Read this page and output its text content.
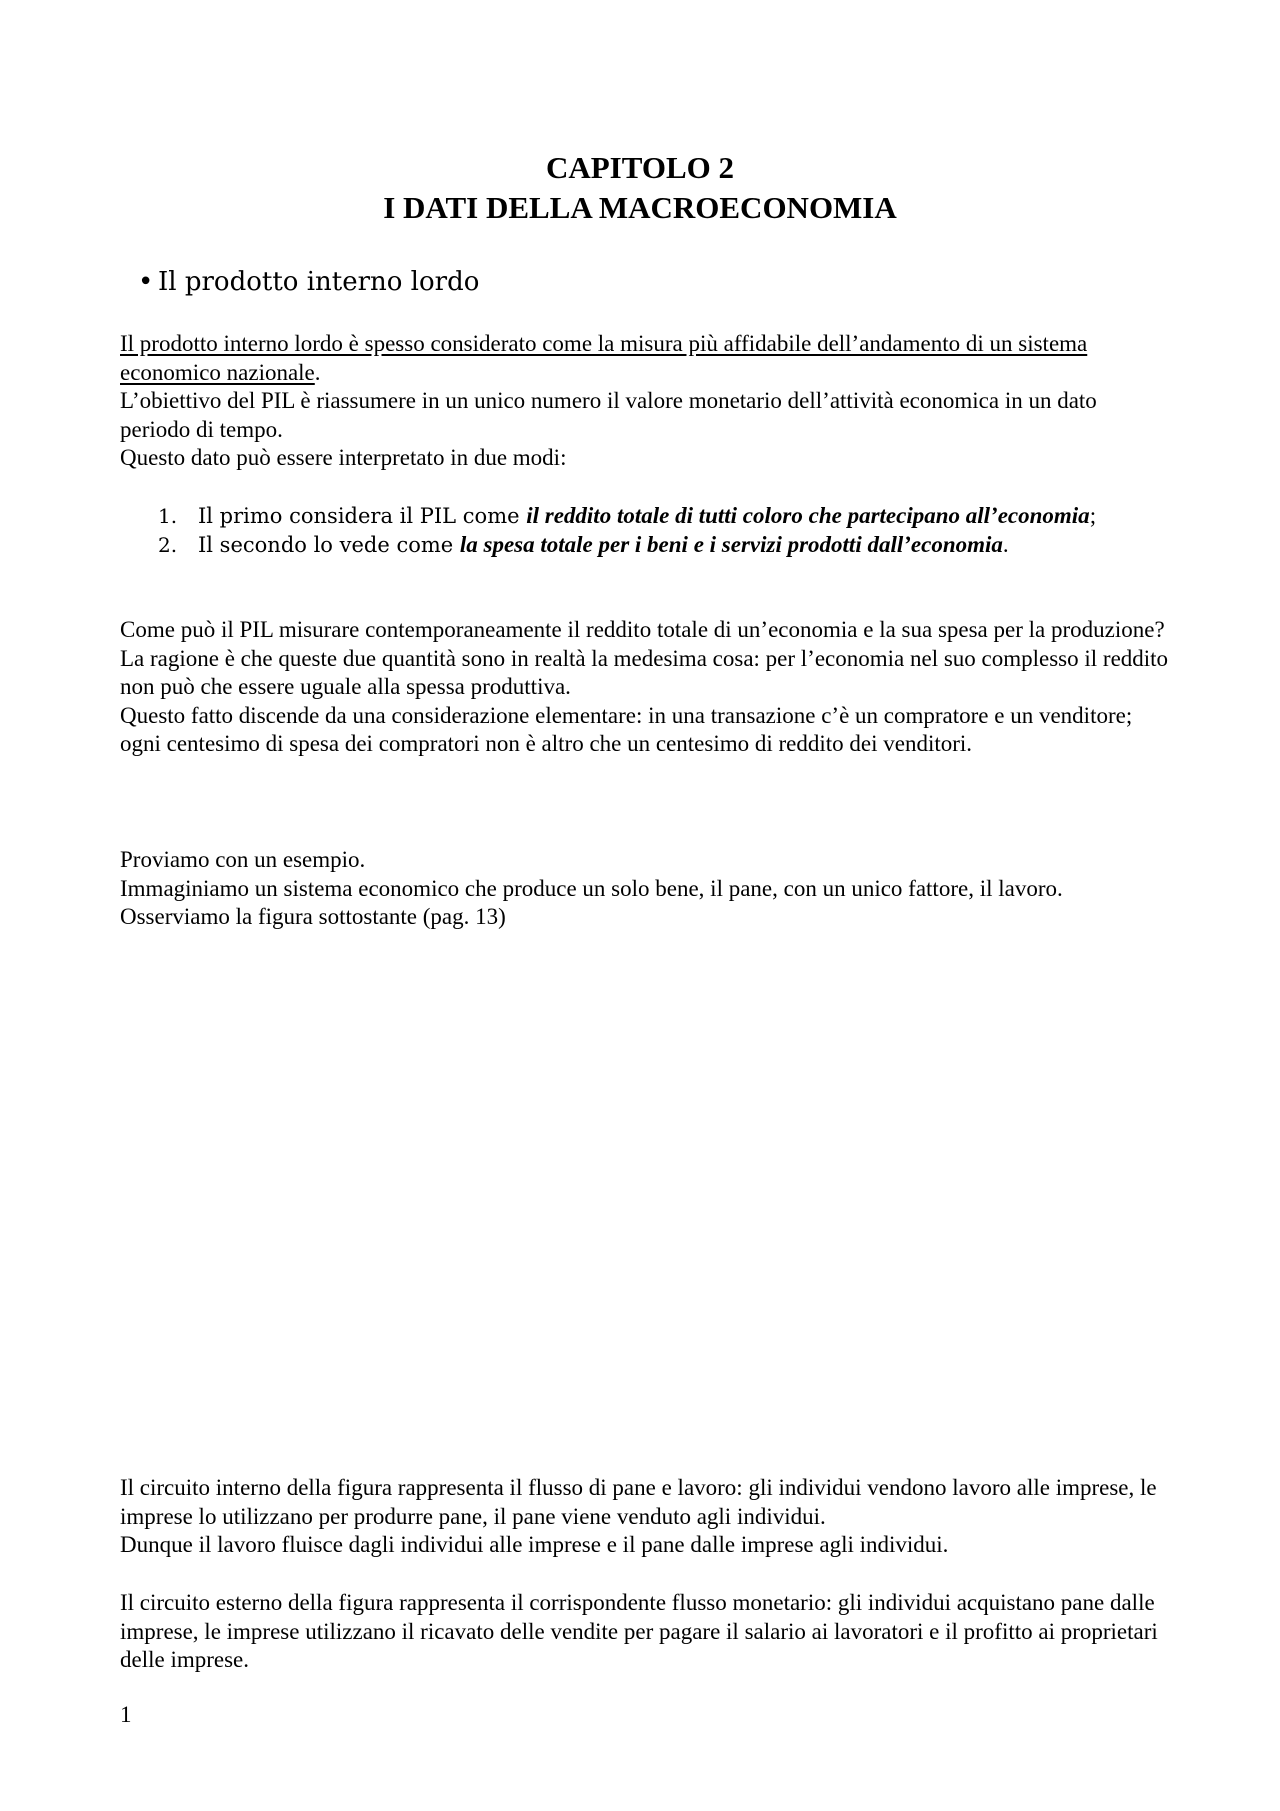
CAPITOLO 2
I DATI DELLA MACROECONOMIA
• Il prodotto interno lordo
Il prodotto interno lordo è spesso considerato come la misura più affidabile dell’andamento di un sistema economico nazionale.
L’obiettivo del PIL è riassumere in un unico numero il valore monetario dell’attività economica in un dato periodo di tempo.
Questo dato può essere interpretato in due modi:
1. Il primo considera il PIL come il reddito totale di tutti coloro che partecipano all’economia;
2. Il secondo lo vede come la spesa totale per i beni e i servizi prodotti dall’economia.
Come può il PIL misurare contemporaneamente il reddito totale di un’economia e la sua spesa per la produzione?
La ragione è che queste due quantità sono in realtà la medesima cosa: per l’economia nel suo complesso il reddito non può che essere uguale alla spessa produttiva.
Questo fatto discende da una considerazione elementare: in una transazione c’è un compratore e un venditore; ogni centesimo di spesa dei compratori non è altro che un centesimo di reddito dei venditori.
Proviamo con un esempio.
Immaginiamo un sistema economico che produce un solo bene, il pane, con un unico fattore, il lavoro. Osserviamo la figura sottostante (pag. 13)
Il circuito interno della figura rappresenta il flusso di pane e lavoro: gli individui vendono lavoro alle imprese, le imprese lo utilizzano per produrre pane, il pane viene venduto agli individui.
Dunque il lavoro fluisce dagli individui alle imprese e il pane dalle imprese agli individui.
Il circuito esterno della figura rappresenta il corrispondente flusso monetario: gli individui acquistano pane dalle imprese, le imprese utilizzano il ricavato delle vendite per pagare il salario ai lavoratori e il profitto ai proprietari delle imprese.
1
